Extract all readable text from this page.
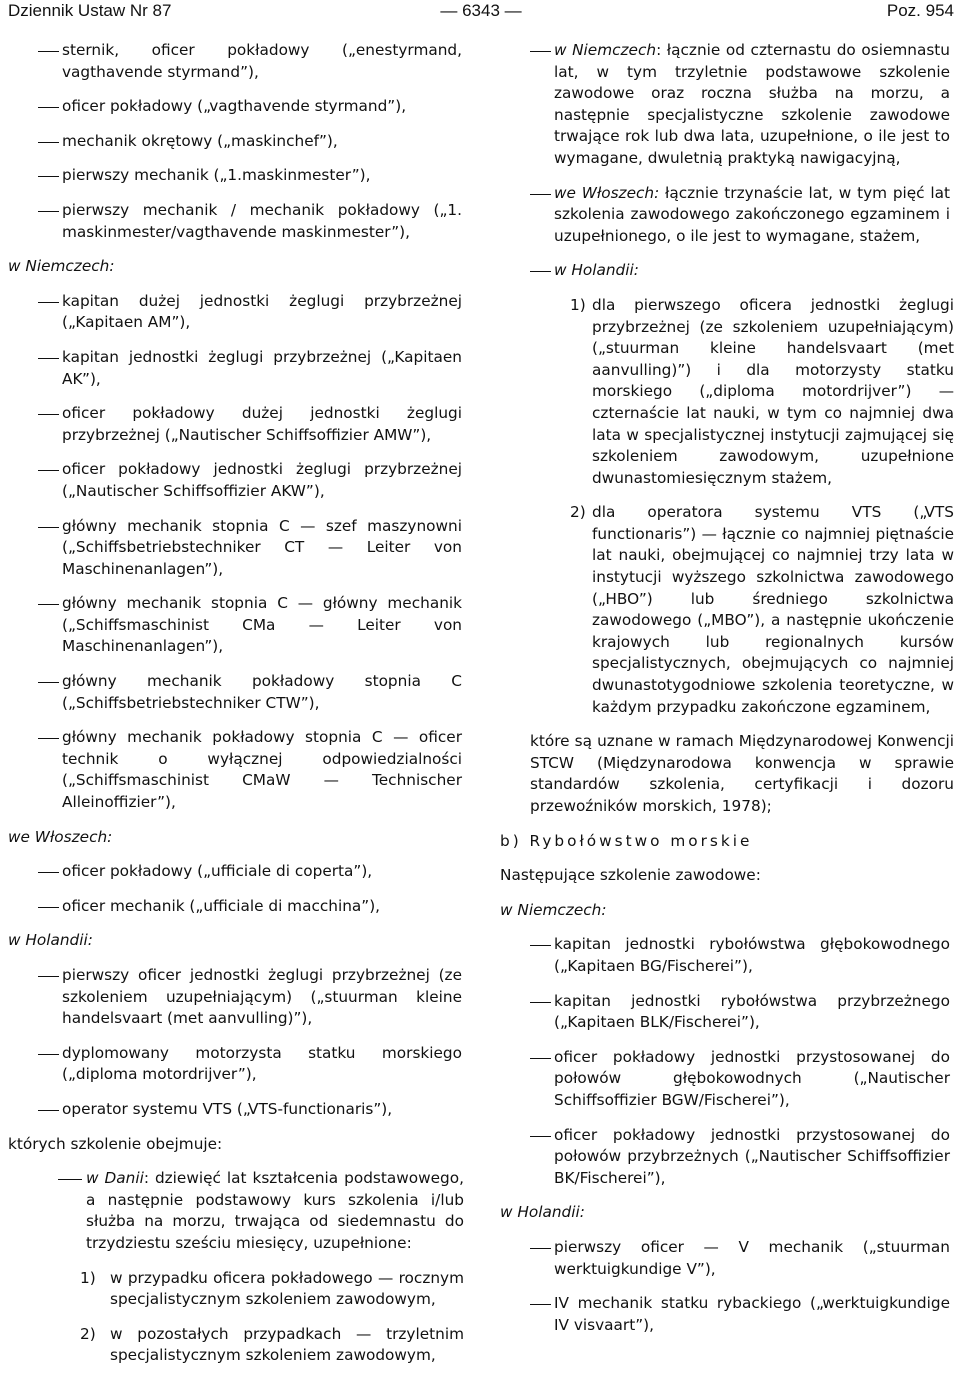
Dziennik Ustaw Nr 87	— 6343 —	Poz. 954
sternik, oficer pokładowy („enestyrmand, vagthavende styrmand”),
oficer pokładowy („vagthavende styrmand”),
mechanik okrętowy („maskinchef”),
pierwszy mechanik („1.maskinmester”),
pierwszy mechanik / mechanik pokładowy („1. maskinmester/vagthavende maskinmester”),
w Niemczech:
kapitan dużej jednostki żeglugi przybrzeżnej („Kapitaen AM”),
kapitan jednostki żeglugi przybrzeżnej („Kapitaen AK”),
oficer pokładowy dużej jednostki żeglugi przybrzeżnej („Nautischer Schiffsoffizier AMW”),
oficer pokładowy jednostki żeglugi przybrzeżnej („Nautischer Schiffsoffizier AKW”),
główny mechanik stopnia C — szef maszynowni („Schiffsbetriebstechniker CT — Leiter von Maschinenanlagen”),
główny mechanik stopnia C — główny mechanik („Schiffsmaschinist CMa — Leiter von Maschinenanlagen”),
główny mechanik pokładowy stopnia C („Schiffsbetriebstechniker CTW”),
główny mechanik pokładowy stopnia C — oficer technik o wyłącznej odpowiedzialności („Schiffsmaschinist CMaW — Technischer Alleinoffizier”),
we Włoszech:
oficer pokładowy („ufficiale di coperta”),
oficer mechanik („ufficiale di macchina”),
w Holandii:
pierwszy oficer jednostki żeglugi przybrzeżnej (ze szkoleniem uzupełniającym) („stuurman kleine handelsvaart (met aanvulling)”),
dyplomowany motorzysta statku morskiego („diploma motordrijver”),
operator systemu VTS („VTS-functionaris”),
których szkolenie obejmuje:
w Danii: dziewięć lat kształcenia podstawowego, a następnie podstawowy kurs szkolenia i/lub służba na morzu, trwająca od siedemnastu do trzydziestu sześciu miesięcy, uzupełnione:
1) w przypadku oficera pokładowego — rocznym specjalistycznym szkoleniem zawodowym,
2) w pozostałych przypadkach — trzyletnim specjalistycznym szkoleniem zawodowym,
w Niemczech: łącznie od czternastu do osiemnastu lat, w tym trzyletnie podstawowe szkolenie zawodowe oraz roczna służba na morzu, a następnie specjalistyczne szkolenie zawodowe trwające rok lub dwa lata, uzupełnione, o ile jest to wymagane, dwuletnią praktyką nawigacyjną,
we Włoszech: łącznie trzynaście lat, w tym pięć lat szkolenia zawodowego zakończonego egzaminem i uzupełnionego, o ile jest to wymagane, stażem,
w Holandii:
1) dla pierwszego oficera jednostki żeglugi przybrzeżnej (ze szkoleniem uzupełniającym) („stuurman kleine handelsvaart (met aanvulling)”) i dla motorzysty statku morskiego („diploma motordrijver”) — czternaście lat nauki, w tym co najmniej dwa lata w specjalistycznej instytucji zajmującej się szkoleniem zawodowym, uzupełnione dwunastomiesięcznym stażem,
2) dla operatora systemu VTS („VTS functionaris”) — łącznie co najmniej piętnaście lat nauki, obejmującej co najmniej trzy lata w instytucji wyższego szkolnictwa zawodowego („HBO”) lub średniego szkolnictwa zawodowego („MBO”), a następnie ukończenie krajowych lub regionalnych kursów specjalistycznych, obejmujących co najmniej dwunastotygodniowe szkolenia teoretyczne, w każdym przypadku zakończone egzaminem,
które są uznane w ramach Międzynarodowej Konwencji STCW (Międzynarodowa konwencja w sprawie standardów szkolenia, certyfikacji i dozoru przewoźników morskich, 1978);
b) Rybołówstwo morskie
Następujące szkolenie zawodowe:
w Niemczech:
kapitan jednostki rybołówstwa głębokowodnego („Kapitaen BG/Fischerei”),
kapitan jednostki rybołówstwa przybrzeżnego („Kapitaen BLK/Fischerei”),
oficer pokładowy jednostki przystosowanej do połowów głębokowodnych („Nautischer Schiffsoffizier BGW/Fischerei”),
oficer pokładowy jednostki przystosowanej do połowów przybrzeżnych („Nautischer Schiffsoffizier BK/Fischerei”),
w Holandii:
pierwszy oficer — V mechanik („stuurman werktuigkundige V”),
IV mechanik statku rybackiego („werktuigkundige IV visvaart”),
